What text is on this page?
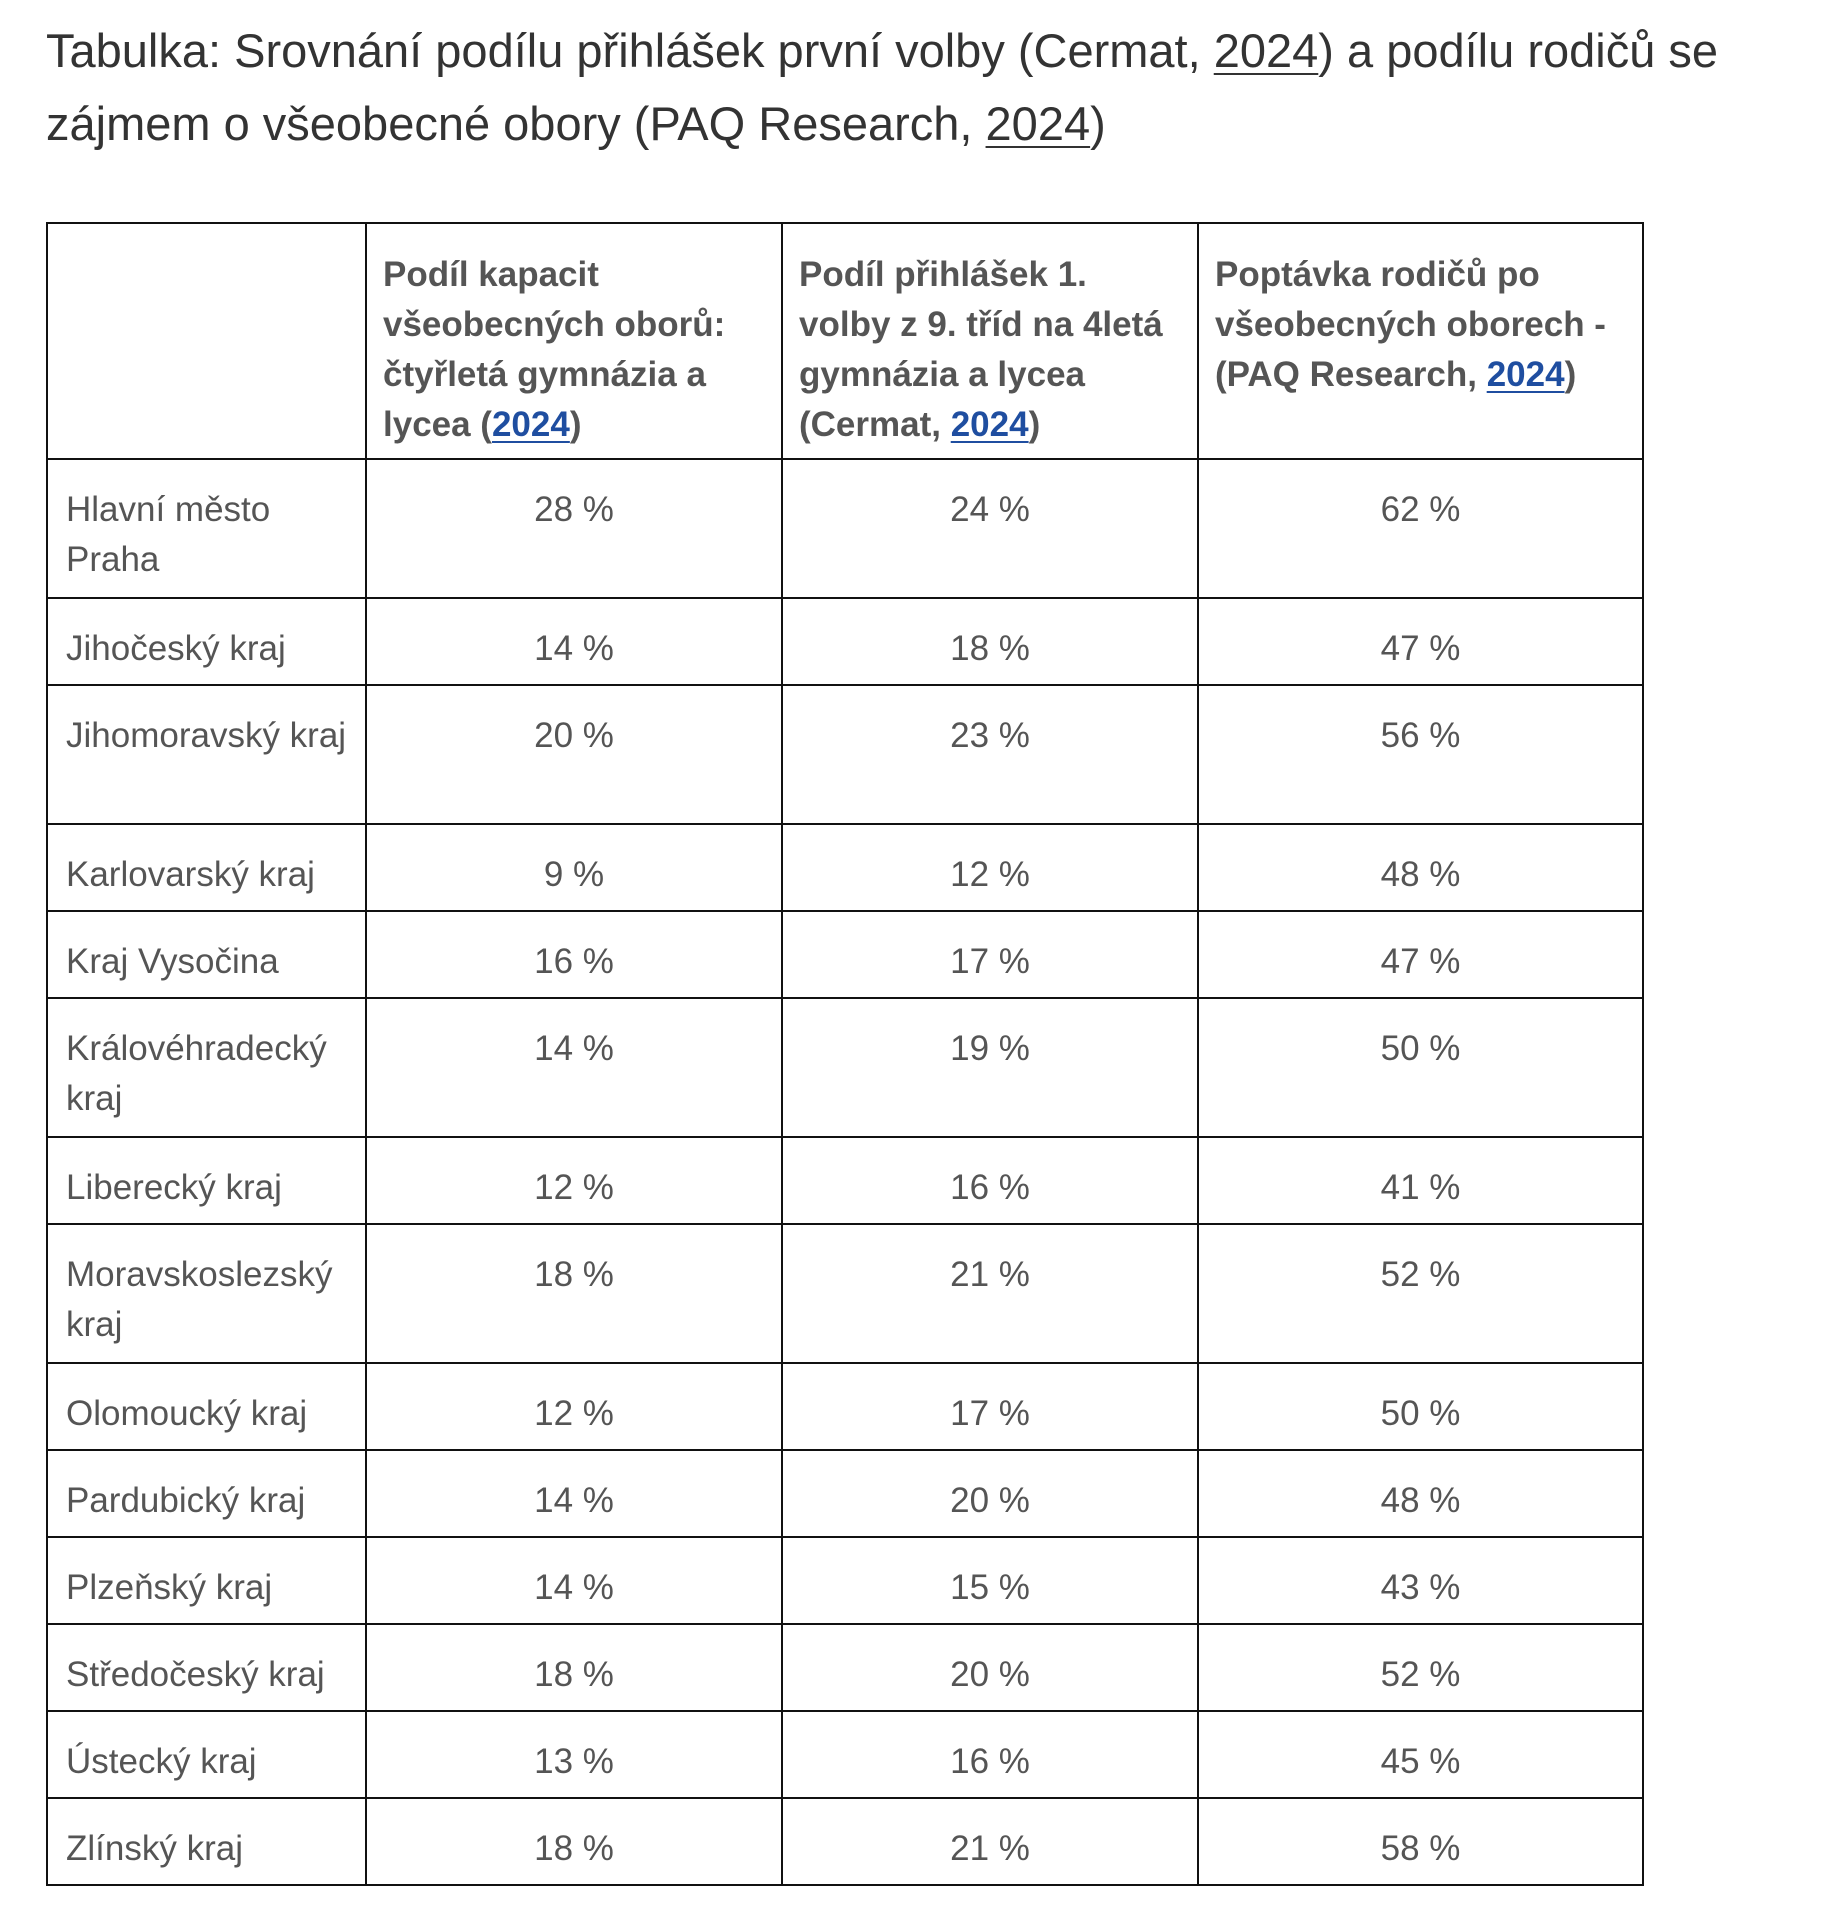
Tabulka: Srovnání podílu přihlášek první volby (Cermat, 2024) a podílu rodičů se zájmem o všeobecné obory (PAQ Research, 2024)

	Podíl kapacit všeobecných oborů: čtyřletá gymnázia a lycea (2024)	Podíl přihlášek 1. volby z 9. tříd na 4letá gymnázia a lycea (Cermat, 2024)	Poptávka rodičů po všeobecných oborech - (PAQ Research, 2024)
Hlavní město Praha	28 %	24 %	62 %
Jihočeský kraj	14 %	18 %	47 %
Jihomoravský kraj	20 %	23 %	56 %
Karlovarský kraj	9 %	12 %	48 %
Kraj Vysočina	16 %	17 %	47 %
Královéhradecký kraj	14 %	19 %	50 %
Liberecký kraj	12 %	16 %	41 %
Moravskoslezský kraj	18 %	21 %	52 %
Olomoucký kraj	12 %	17 %	50 %
Pardubický kraj	14 %	20 %	48 %
Plzeňský kraj	14 %	15 %	43 %
Středočeský kraj	18 %	20 %	52 %
Ústecký kraj	13 %	16 %	45 %
Zlínský kraj	18 %	21 %	58 %
